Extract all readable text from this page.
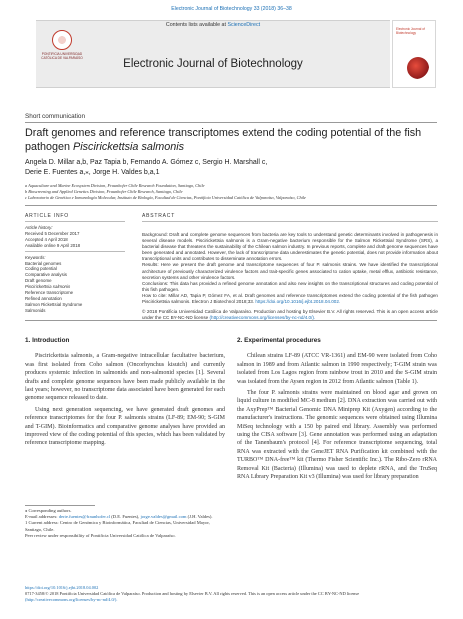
Electronic Journal of Biotechnology 33 (2018) 36–38
Contents lists available at ScienceDirect
PONTIFICIA UNIVERSIDAD CATÓLICA DE VALPARAÍSO	Electronic Journal of Biotechnology
Electronic Journal of Biotechnology
Short communication
Draft genomes and reference transcriptomes extend the coding potential of the fish pathogen Piscirickettsia salmonis
Angela D. Millar a,b, Paz Tapia b, Fernando A. Gómez c, Sergio H. Marshall c,
Derie E. Fuentes a,⁎, Jorge H. Valdes b,a,1
a Aquaculture and Marine Ecosystem Division, Fraunhofer Chile Research Foundation, Santiago, Chile
b Bioscreening and Applied Genetics Division, Fraunhofer Chile Research, Santiago, Chile
c Laboratorio de Genética e Inmunología Molecular, Instituto de Biología, Facultad de Ciencias, Pontificia Universidad Católica de Valparaíso, Valparaíso, Chile
ARTICLE INFO	ABSTRACT
Article history:
Received 5 December 2017
Accepted 4 April 2018
Available online 9 April 2018
Keywords:
Bacterial genomes
Coding potential
Comparative analysis
Draft genome
Piscirickettsia salmonis
Reference transcriptome
Refined annotation
Salmon Rickettsial Syndrome
Salmonids
Background: Draft and complete genome sequences from bacteria are key tools to understand genetic determinants involved in pathogenesis in several disease models. Piscirickettsia salmonis is a Gram-negative bacterium responsible for the Salmon Rickettsial Syndrome (SRS), a bacterial disease that threatens the sustainability of the Chilean salmon industry. In previous reports, complete and draft genome sequences have been generated and annotated. However, the lack of transcriptome data underestimates the genetic potential, does not provide information about transcriptional units and contributes to disseminate annotation errors.
Results: Here we present the draft genome and transcriptome sequences of four P. salmonis strains. We have identified the transcriptional architecture of previously characterized virulence factors and trait-specific genes associated to cation uptake, metal efflux, antibiotic resistance, secretion systems and other virulence factors.
Conclusions: This data has provided a refined genome annotation and also new insights on the transcriptional structures and coding potential of this fish pathogen.
How to cite: Millar AD, Tapia P, Gómez FA, et al. Draft genomes and reference transcriptomes extend the coding potential of the fish pathogen Piscirickettsia salmonis. Electron J Biotechnol 2018;33. https://doi.org/10.1016/j.ejbt.2018.04.002.
© 2018 Pontificia Universidad Católica de Valparaíso. Production and hosting by Elsevier B.V. All rights reserved. This is an open access article under the CC BY-NC-ND license (http://creativecommons.org/licenses/by-nc-nd/4.0/).
1. Introduction

Piscirickettsia salmonis, a Gram-negative intracellular facultative bacterium, was first isolated from Coho salmon (Oncorhynchus kisutch) and currently produces systemic infection in salmonids and non-salmonid species [1]. Several drafts and complete genome sequences have been made publicly available in the last years; however, no transcriptome data associated have been generated for each genome sequence released to date.

Using next generation sequencing, we have generated draft genomes and reference transcriptomes for the four P. salmonis strains (LF-89; EM-90; S-GIM and T-GIM). Bioinformatics and comparative genome analyses have provided an improved view of the coding potential of this species, which has been validated by reference transcriptome mapping.

2. Experimental procedures

Chilean strains LF-89 (ATCC VR-1361) and EM-90 were isolated from Coho salmon in 1989 and from Atlantic salmon in 1990 respectively; T-GIM strain was isolated from Los Lagos region from rainbow trout in 2010 and the S-GIM strain was isolated from the Aysen region in 2012 from Atlantic salmon (Table 1).

The four P. salmonis strains were maintained on blood agar and grown on liquid culture in modified MC-8 medium [2]. DNA extraction was carried out with the AxyPrep™ Bacterial Genomic DNA Miniprep Kit (Axygen) according to the manufacturer's instructions. The genomic sequences were obtained using Illumina MiSeq technology with a 150 bp paired end library. Assembly was performed using the CISA software [3]. Gene annotation was performed using an adaptation of the Tanenbaum's protocol [4]. For reference transcriptome sequencing, total RNA was extracted with the GeneJET RNA Purification kit combined with the TURBO™ DNA-free™ kit (Thermo Fisher Scientific Inc.). The Ribo-Zero rRNA Removal Kit (Bacteria) (Illumina) was used to deplete rRNA, and the TruSeq RNA Library Preparation Kit v3 (Illumina) was used for library preparation

⁎ Corresponding authors.
E-mail addresses: derie.fuentes@fraunhofer.cl (D.E. Fuentes), jorge.valdes@gmail.com (J.H. Valdes).
1 Current address: Centro de Genómica y Bioinformática, Facultad de Ciencias, Universidad Mayor, Santiago, Chile.
Peer review under responsibility of Pontificia Universidad Católica de Valparaíso.
https://doi.org/10.1016/j.ejbt.2018.04.002
0717-3458/© 2018 Pontificia Universidad Católica de Valparaíso. Production and hosting by Elsevier B.V. All rights reserved. This is an open access article under the CC BY-NC-ND license
(http://creativecommons.org/licenses/by-nc-nd/4.0/).
